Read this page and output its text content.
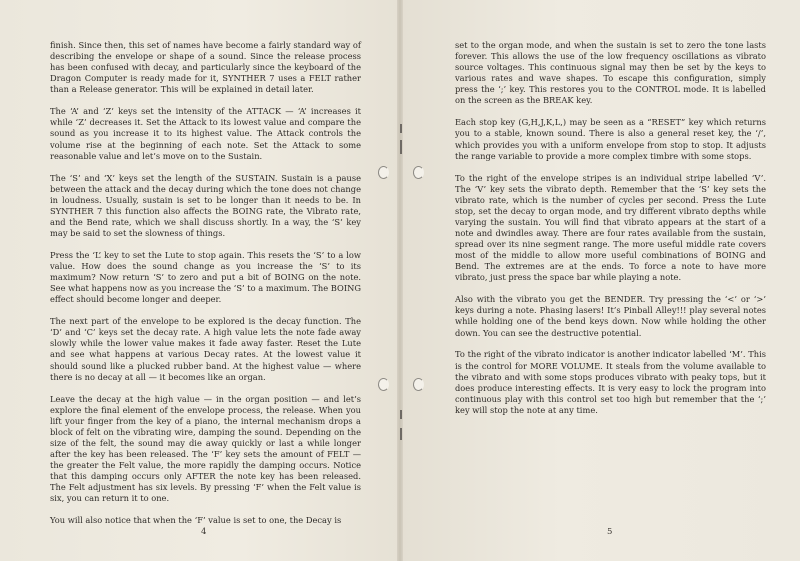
finish. Since then, this set of names have become a fairly standard way of describing the envelope or shape of a sound. Since the release process has been confused with decay, and particularly since the keyboard of the Dragon Computer is ready made for it, SYNTHER 7 uses a FELT rather than a Release generator. This will be explained in detail later.

The ‘A’ and ‘Z’ keys set the intensity of the ATTACK — ‘A’ increases it while ‘Z’ decreases it. Set the Attack to its lowest value and compare the sound as you increase it to its highest value. The Attack controls the volume rise at the beginning of each note. Set the Attack to some reasonable value and let’s move on to the Sustain.

The ‘S’ and ‘X’ keys set the length of the SUSTAIN. Sustain is a pause between the attack and the decay during which the tone does not change in loudness. Usually, sustain is set to be longer than it needs to be. In SYNTHER 7 this function also affects the BOING rate, the Vibrato rate, and the Bend rate, which we shall discuss shortly. In a way, the ‘S’ key may be said to set the slowness of things.

Press the ‘L’ key to set the Lute to stop again. This resets the ‘S’ to a low value. How does the sound change as you increase the ‘S’ to its maximum? Now return ‘S’ to zero and put a bit of BOING on the note. See what happens now as you increase the ‘S’ to a maximum. The BOING effect should become longer and deeper.

The next part of the envelope to be explored is the decay function. The ‘D’ and ‘C’ keys set the decay rate. A high value lets the note fade away slowly while the lower value makes it fade away faster. Reset the Lute and see what happens at various Decay rates. At the lowest value it should sound like a plucked rubber band. At the highest value — where there is no decay at all — it becomes like an organ.

Leave the decay at the high value — in the organ position — and let’s explore the final element of the envelope process, the release. When you lift your finger from the key of a piano, the internal mechanism drops a block of felt on the vibrating wire, damping the sound. Depending on the size of the felt, the sound may die away quickly or last a while longer after the key has been released. The ‘F’ key sets the amount of FELT — the greater the Felt value, the more rapidly the damping occurs. Notice that this damping occurs only AFTER the note key has been released. The Felt adjustment has six levels. By pressing ‘F’ when the Felt value is six, you can return it to one.

You will also notice that when the ‘F’ value is set to one, the Decay is

set to the organ mode, and when the sustain is set to zero the tone lasts forever. This allows the use of the low frequency oscillations as vibrato source voltages. This continuous signal may then be set by the keys to various rates and wave shapes. To escape this configuration, simply press the ‘;’ key. This restores you to the CONTROL mode. It is labelled on the screen as the BREAK key.

Each stop key (G,H,J,K,L,) may be seen as a “RESET” key which returns you to a stable, known sound. There is also a general reset key, the ‘/’, which provides you with a uniform envelope from stop to stop. It adjusts the range variable to provide a more complex timbre with some stops.

To the right of the envelope stripes is an individual stripe labelled ‘V’. The ‘V’ key sets the vibrato depth. Remember that the ‘S’ key sets the vibrato rate, which is the number of cycles per second. Press the Lute stop, set the decay to organ mode, and try different vibrato depths while varying the sustain. You will find that vibrato appears at the start of a note and dwindles away. There are four rates available from the sustain, spread over its nine segment range. The more useful middle rate covers most of the middle to allow more useful combinations of BOING and Bend. The extremes are at the ends. To force a note to have more vibrato, just press the space bar while playing a note.

Also with the vibrato you get the BENDER. Try pressing the ‘<’ or ‘>’ keys during a note. Phasing lasers! It’s Pinball Alley!!! play several notes while holding one of the bend keys down. Now while holding the other down. You can see the destructive potential.

To the right of the vibrato indicator is another indicator labelled ‘M’. This is the control for MORE VOLUME. It steals from the volume available to the vibrato and with some stops produces vibrato with peaky tops, but it does produce interesting effects. It is very easy to lock the program into continuous play with this control set too high but remember that the ‘;’ key will stop the note at any time.

4	5
